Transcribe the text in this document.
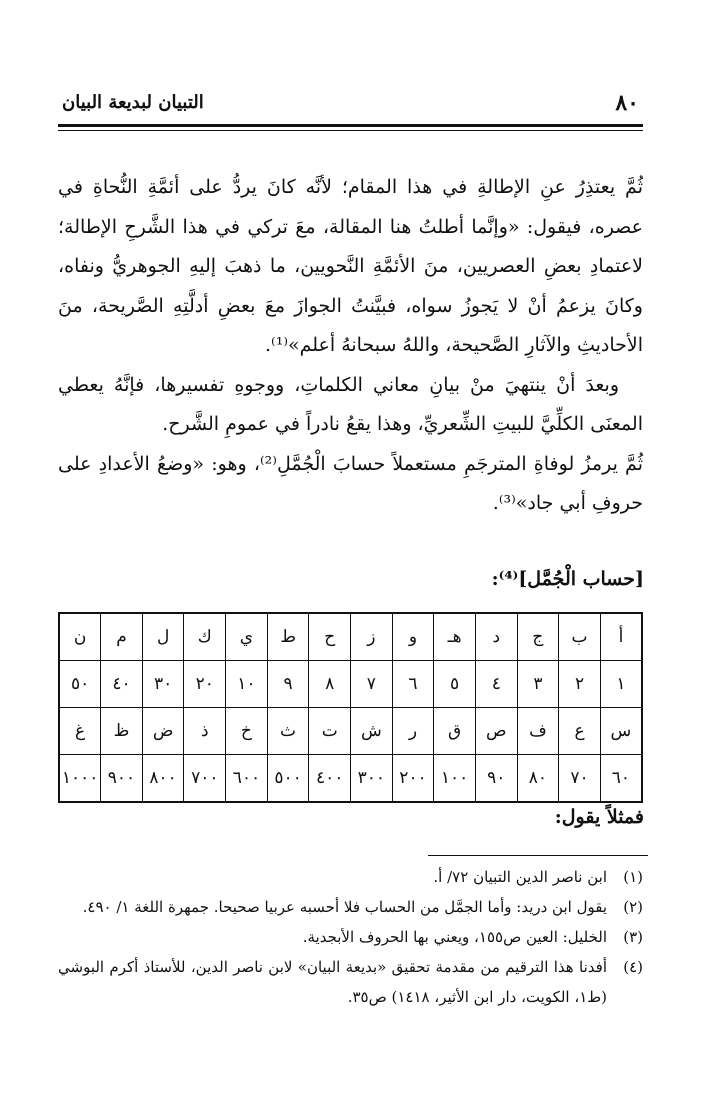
٨٠
التبيان لبديعة البيان

ثُمَّ يعتذِرُ عنِ الإطالةِ في هذا المقام؛ لأنَّه كانَ يردُّ على أئمَّةِ النُّحاةِ في عصره، فيقول: «وإنَّما أطلتُ هنا المقالة، معَ تركي في هذا الشَّرحِ الإطالة؛ لاعتمادِ بعضِ العصريين، منَ الأئمَّةِ النَّحويين، ما ذهبَ إليهِ الجوهريُّ ونفاه، وكانَ يزعمُ أنْ لا يَجوزُ سواه، فبيَّنتُ الجوازَ معَ بعضِ أدلَّتِهِ الصَّريحة، منَ الأحاديثِ والآثارِ الصَّحيحة، واللهُ سبحانهُ أعلم»⁽¹⁾.

وبعدَ أنْ ينتهيَ منْ بيانِ معاني الكلماتِ، ووجوهِ تفسيرها، فإنَّهُ يعطي المعنَى الكلِّيَّ للبيتِ الشِّعريِّ، وهذا يقعُ نادراً في عمومِ الشَّرح.

ثُمَّ يرمزُ لوفاةِ المترجَمِ مستعملاً حسابَ الْجُمَّلِ⁽²⁾، وهو: «وضعُ الأعدادِ على حروفِ أبي جاد»⁽³⁾.

[حساب الْجُمَّل]⁽⁴⁾:
أ	ب	ج	د	هـ	و	ز	ح	ط	ي	ك	ل	م	ن
١	٢	٣	٤	٥	٦	٧	٨	٩	١٠	٢٠	٣٠	٤٠	٥٠
س	ع	ف	ص	ق	ر	ش	ت	ث	خ	ذ	ض	ظ	غ
٦٠	٧٠	٨٠	٩٠	١٠٠	٢٠٠	٣٠٠	٤٠٠	٥٠٠	٦٠٠	٧٠٠	٨٠٠	٩٠٠	١٠٠٠
فمثلاً يقول:
(١)
ابن ناصر الدين التبيان ٧٢/ أ.
(٢)
يقول ابن دريد: وأما الجمَّل من الحساب فلا أحسبه عربيا صحيحا. جمهرة اللغة ١/ ٤٩٠.
(٣)
الخليل: العين ص١٥٥، ويعني بها الحروف الأبجدية.
(٤)
أفدنا هذا الترقيم من مقدمة تحقيق «بديعة البيان» لابن ناصر الدين، للأستاذ أكرم البوشي (ط١، الكويت، دار ابن الأثير، ١٤١٨) ص٣٥.
